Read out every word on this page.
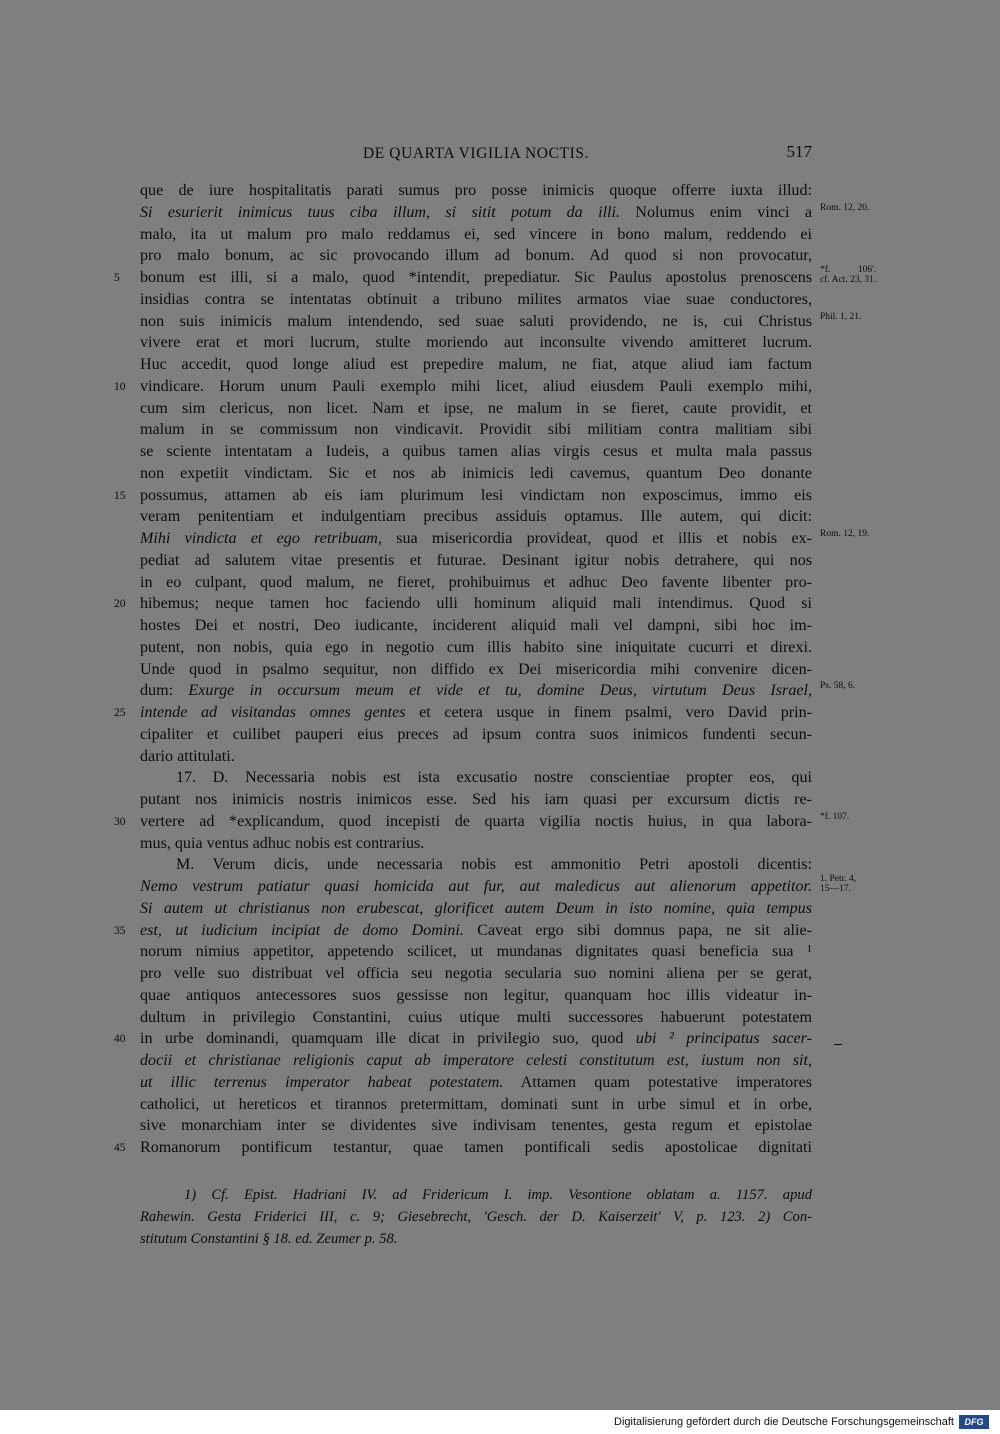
DE QUARTA VIGILIA NOCTIS.	517
que de iure hospitalitatis parati sumus pro posse inimicis quoque offerre iuxta illud:
Si esurierit inimicus tuus ciba illum, si sitit potum da illi. Nolumus enim vinci a Rom. 12, 20.
malo, ita ut malum pro malo reddamus ei, sed vincere in bono malum, reddendo ei
pro malo bonum, ac sic provocando illum ad bonum. Ad quod si non provocatur,
5	bonum est illi, si a malo, quod *intendit, prepediatur. Sic Paulus apostolus prenoscens *f. 106'.
cf. Act. 23, 31.
insidias contra se intentatas obtinuit a tribuno milites armatos viae suae conductores,
non suis inimicis malum intendendo, sed suae saluti providendo, ne is, cui Christus Phil. 1, 21.
vivere erat et mori lucrum, stulte moriendo aut inconsulte vivendo amitteret lucrum.
Huc accedit, quod longe aliud est prepedire malum, ne fiat, atque aliud iam factum
10 vindicare. Horum unum Pauli exemplo mihi licet, aliud eiusdem Pauli exemplo mihi,
cum sim clericus, non licet. Nam et ipse, ne malum in se fieret, caute providit, et
malum in se commissum non vindicavit. Providit sibi militiam contra malitiam sibi
se sciente intentatam a Iudeis, a quibus tamen alias virgis cesus et multa mala passus
non expetiit vindictam. Sic et nos ab inimicis ledi cavemus, quantum Deo donante
15 possumus, attamen ab eis iam plurimum lesi vindictam non exposcimus, immo eis
veram penitentiam et indulgentiam precibus assiduis optamus. Ille autem, qui dicit:
Mihi vindicta et ego retribuam, sua misericordia provideat, quod et illis et nobis ex- Rom. 12, 19.
pediat ad salutem vitae presentis et futurae. Desinant igitur nobis detrahere, qui nos
in eo culpant, quod malum, ne fieret, prohibuimus et adhuc Deo favente libenter pro-
20 hibemus; neque tamen hoc faciendo ulli hominum aliquid mali intendimus. Quod si
hostes Dei et nostri, Deo iudicante, inciderent aliquid mali vel dampni, sibi hoc im-
putent, non nobis, quia ego in negotio cum illis habito sine iniquitate cucurri et direxi.
Unde quod in psalmo sequitur, non diffido ex Dei misericordia mihi convenire dicen-
dum: Exurge in occursum meum et vide et tu, domine Deus, virtutum Deus Israel, Ps. 58, 6.
25 intende ad visitandas omnes gentes et cetera usque in finem psalmi, vero David prin-
cipaliter et cuilibet pauperi eius preces ad ipsum contra suos inimicos fundenti secun-
dario attitulati.
17. D. Necessaria nobis est ista excusatio nostre conscientiae propter eos, qui
putant nos inimicis nostris inimicos esse. Sed his iam quasi per excursum dictis re-
30 vertere ad *explicandum, quod incepisti de quarta vigilia noctis huius, in qua labora- *f. 107.
mus, quia ventus adhuc nobis est contrarius.
M. Verum dicis, unde necessaria nobis est ammonitio Petri apostoli dicentis:
Nemo vestrum patiatur quasi homicida aut fur, aut maledicus aut alienorum appetitor. 1. Petr. 4,
15—17.
Si autem ut christianus non erubescat, glorificet autem Deum in isto nomine, quia tempus
35 est, ut iudicium incipiat de domo Domini. Caveat ergo sibi domnus papa, ne sit alie-
norum nimius appetitor, appetendo scilicet, ut mundanas dignitates quasi beneficia sua ¹
pro velle suo distribuat vel officia seu negotia secularia suo nomini aliena per se gerat,
quae antiquos antecessores suos gessisse non legitur, quanquam hoc illis videatur in-
dultum in privilegio Constantini, cuius utique multi successores habuerunt potestatem
40 in urbe dominandi, quamquam ille dicat in privilegio suo, quod ubi ² principatus sacer-
docii et christianae religionis caput ab imperatore celesti constitutum est, iustum non sit,
ut illic terrenus imperator habeat potestatem. Attamen quam potestative imperatores
catholici, ut hereticos et tirannos pretermittam, dominati sunt in urbe simul et in orbe,
sive monarchiam inter se dividentes sive indivisam tenentes, gesta regum et epistolae
45 Romanorum pontificum testantur, quae tamen pontificali sedis apostolicae dignitati
1) Cf. Epist. Hadriani IV. ad Fridericum I. imp. Vesontione oblatam a. 1157. apud
Rahewin. Gesta Friderici III, c. 9; Giesebrecht, 'Gesch. der D. Kaiserzeit' V, p. 123. 2) Con-
stitutum Constantini § 18. ed. Zeumer p. 58.
Digitalisierung gefördert durch die Deutsche Forschungsgemeinschaft	DFG
